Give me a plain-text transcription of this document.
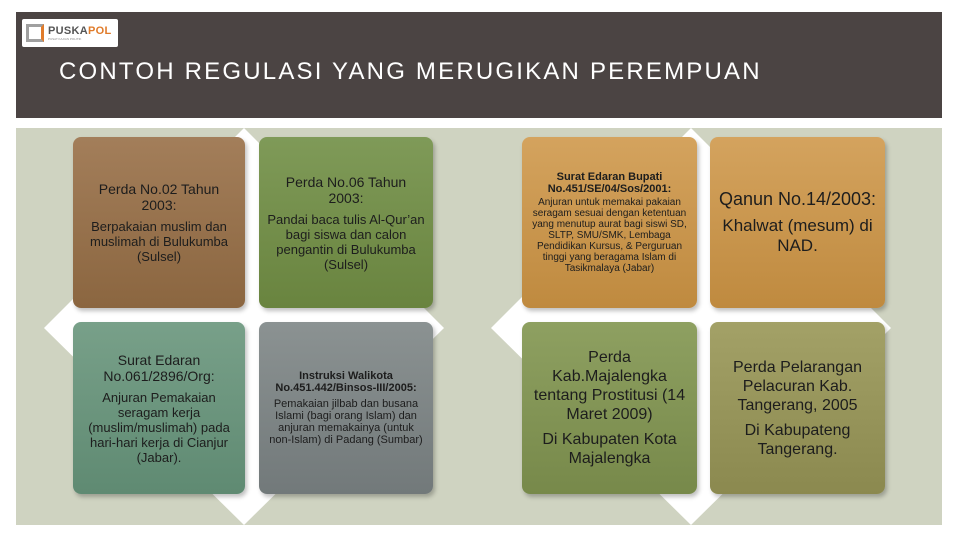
PUSKAPOL
PUSAT KAJIAN POLITIK
CONTOH REGULASI YANG MERUGIKAN PEREMPUAN
Perda No.02 Tahun 2003:
Berpakaian muslim dan muslimah di Bulukumba (Sulsel)
Perda No.06 Tahun 2003:
Pandai baca tulis Al-Qur’an bagi siswa dan calon pengantin di Bulukumba (Sulsel)
Surat Edaran Bupati No.451/SE/04/Sos/2001:
Anjuran untuk memakai pakaian seragam sesuai dengan ketentuan yang menutup aurat bagi siswi SD, SLTP, SMU/SMK, Lembaga Pendidikan Kursus, & Perguruan tinggi yang beragama Islam di Tasikmalaya (Jabar)
Qanun No.14/2003:
Khalwat (mesum) di NAD.
Surat Edaran No.061/2896/Org:
Anjuran Pemakaian seragam kerja (muslim/muslimah) pada hari-hari kerja di Cianjur (Jabar).
Instruksi Walikota No.451.442/Binsos-III/2005:
Pemakaian jilbab dan busana Islami (bagi orang Islam) dan anjuran memakainya (untuk non-Islam) di Padang (Sumbar)
Perda Kab.Majalengka tentang Prostitusi (14 Maret 2009)
Di Kabupaten Kota Majalengka
Perda Pelarangan Pelacuran Kab. Tangerang, 2005
Di Kabupateng Tangerang.
